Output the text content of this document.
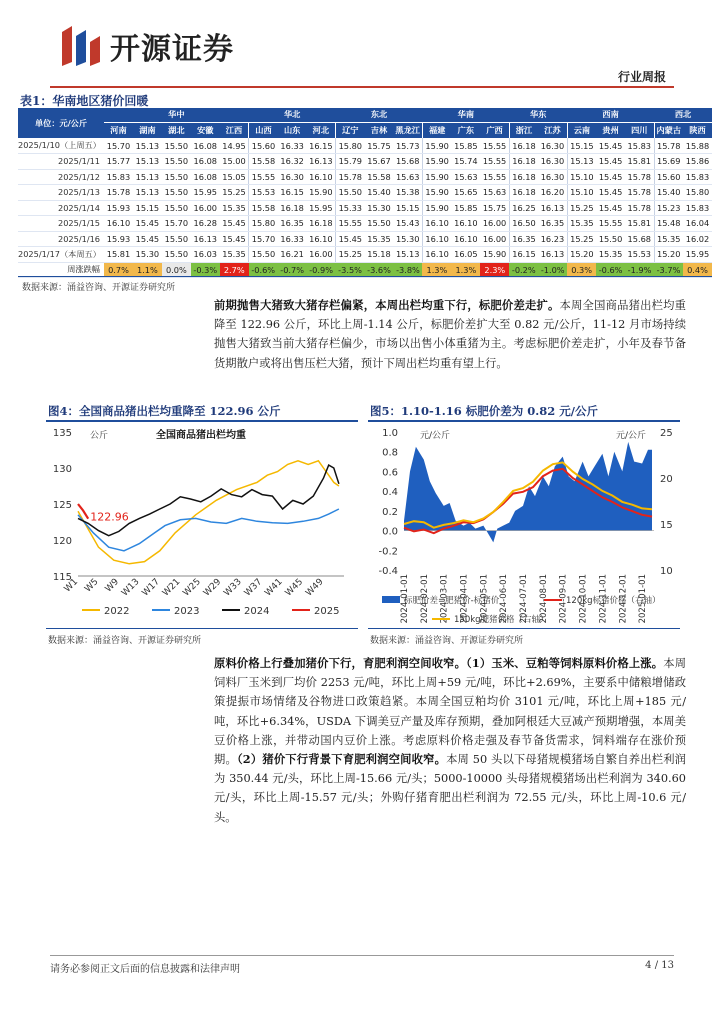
开源证券
行业周报
表1：华南地区猪价回暖
单位：元/公斤	华中					华北			东北			华南			华东		西南			西北	
	河南	湖南	湖北	安徽	江西	山西	山东	河北	辽宁	吉林	黑龙江	福建	广东	广西	浙江	江苏	云南	贵州	四川	内蒙古	陕西
2025/1/10（上周五）	15.70	15.13	15.50	16.08	14.95	15.60	16.33	16.15	15.80	15.75	15.73	15.90	15.85	15.55	16.18	16.30	15.15	15.45	15.83	15.78	15.88
2025/1/11	15.77	15.13	15.50	16.08	15.00	15.58	16.32	16.13	15.79	15.67	15.68	15.90	15.74	15.55	16.18	16.30	15.13	15.45	15.81	15.69	15.86
2025/1/12	15.83	15.13	15.50	16.08	15.05	15.55	16.30	16.10	15.78	15.58	15.63	15.90	15.63	15.55	16.18	16.30	15.10	15.45	15.78	15.60	15.83
2025/1/13	15.78	15.13	15.50	15.95	15.25	15.53	16.15	15.90	15.50	15.40	15.38	15.90	15.65	15.63	16.18	16.20	15.10	15.45	15.78	15.40	15.80
2025/1/14	15.93	15.15	15.50	16.00	15.35	15.58	16.18	15.95	15.33	15.30	15.15	15.90	15.85	15.75	16.25	16.13	15.25	15.45	15.78	15.23	15.83
2025/1/15	16.10	15.45	15.70	16.28	15.45	15.80	16.35	16.18	15.55	15.50	15.43	16.10	16.10	16.00	16.50	16.35	15.35	15.55	15.81	15.48	16.04
2025/1/16	15.93	15.45	15.50	16.13	15.45	15.70	16.33	16.10	15.45	15.35	15.30	16.10	16.10	16.00	16.35	16.23	15.25	15.50	15.68	15.35	16.02
2025/1/17（本周五）	15.81	15.30	15.50	16.03	15.35	15.50	16.21	16.00	15.25	15.18	15.13	16.10	16.05	15.90	16.15	16.13	15.20	15.35	15.53	15.20	15.95
周涨跌幅	0.7%	1.1%	0.0%	-0.3%	2.7%	-0.6%	-0.7%	-0.9%	-3.5%	-3.6%	-3.8%	1.3%	1.3%	2.3%	-0.2%	-1.0%	0.3%	-0.6%	-1.9%	-3.7%	0.4%
数据来源：涌益咨询、开源证券研究所
前期抛售大猪致大猪存栏偏紧，本周出栏均重下行，标肥价差走扩。本周全国商品猪出栏均重降至 122.96 公斤，环比上周-1.14 公斤，标肥价差扩大至 0.82 元/公斤，11-12 月市场持续抛售大猪致当前大猪存栏偏少，市场以出售小体重猪为主。考虑标肥价差走扩，小年及春节备货期散户或将出售压栏大猪，预计下周出栏均重有望上行。
图4：全国商品猪出栏均重降至 122.96 公斤
115
120
125
130
135 公斤	全国商品猪出栏均重
W1 W5 W9
W13
W17
W21
W25
W29
W33
W37
W41
W45
W49
122.96
2022	2023	2024	2025
数据来源：涌益咨询、开源证券研究所
图5：1.10-1.16 标肥价差为 0.82 元/公斤
1.0
0.8
0.6
0.4
0.2
0.0
-0.2
-0.4
25
20
15
10
元/公斤	元/公斤
2024-01-01 2024-02-01 2024-03-01 2024-04-01 2024-05-01 2024-06-01 2024-07-01 2024-08-01 2024-09-01 2024-10-01 2024-11-01 2024-12-01 2025-01-01
标肥价差=肥猪价-标猪价	120kg标猪价格（右轴）
150kg肥猪价格（右轴）
数据来源：涌益咨询、开源证券研究所
原料价格上行叠加猪价下行，育肥利润空间收窄。（1）玉米、豆粕等饲料原料价格上涨。本周饲料厂玉米到厂均价 2253 元/吨，环比上周+59 元/吨，环比+2.69%，主要系中储粮增储政策提振市场情绪及谷物进口政策趋紧。本周全国豆粕均价 3101 元/吨，环比上周+185 元/吨，环比+6.34%，USDA 下调美豆产量及库存预期，叠加阿根廷大豆减产预期增强，本周美豆价格上涨，并带动国内豆价上涨。考虑原料价格走强及春节备货需求，饲料端存在涨价预期。（2）猪价下行背景下育肥利润空间收窄。本周 50 头以下母猪规模猪场自繁自养出栏利润为 350.44 元/头，环比上周-15.66 元/头；5000-10000 头母猪规模猪场出栏利润为 340.60 元/头，环比上周-15.57 元/头；外购仔猪育肥出栏利润为 72.55 元/头，环比上周-10.6 元/头。
请务必参阅正文后面的信息披露和法律声明	4 / 13
